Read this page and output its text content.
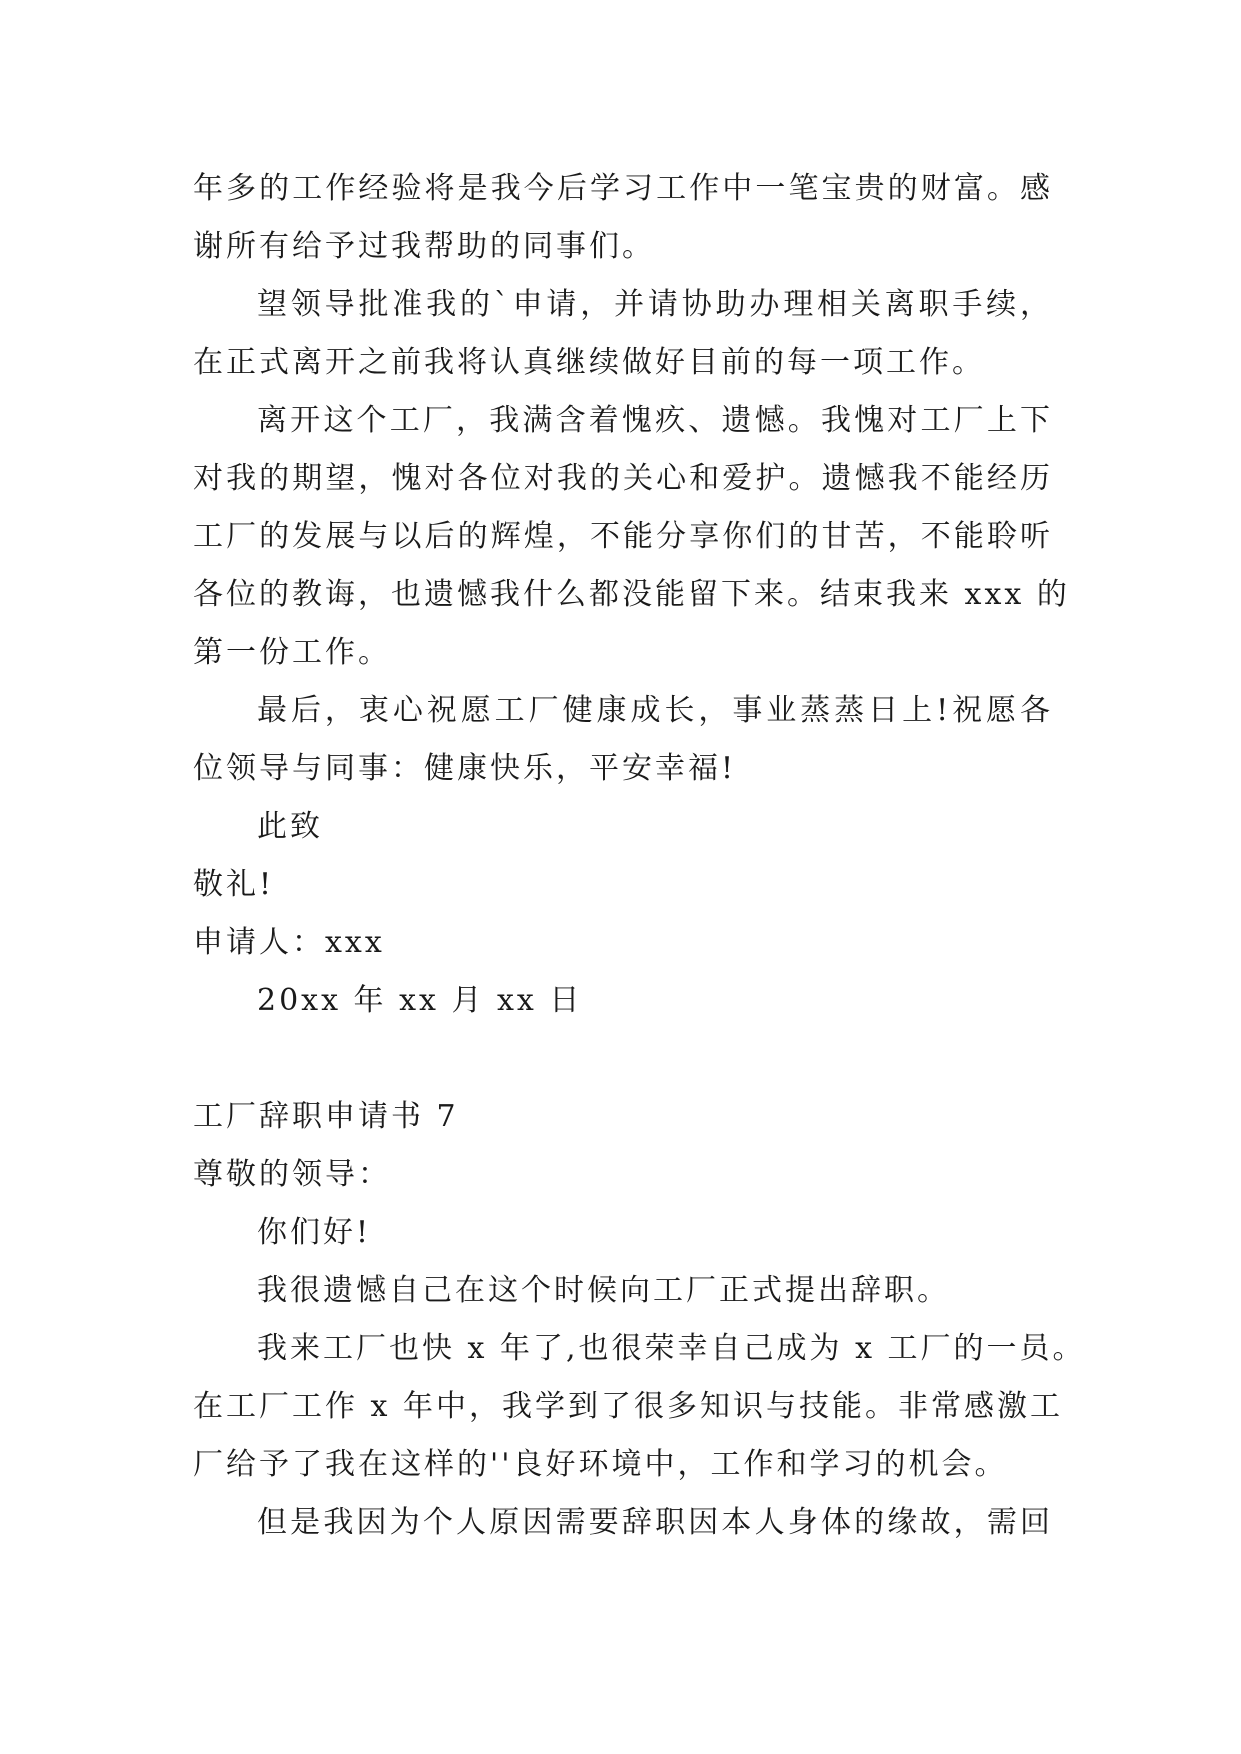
年多的工作经验将是我今后学习工作中一笔宝贵的财富。感
谢所有给予过我帮助的同事们。
望领导批准我的`申请，并请协助办理相关离职手续，
在正式离开之前我将认真继续做好目前的每一项工作。
离开这个工厂，我满含着愧疚、遗憾。我愧对工厂上下
对我的期望，愧对各位对我的关心和爱护。遗憾我不能经历
工厂的发展与以后的辉煌，不能分享你们的甘苦，不能聆听
各位的教诲，也遗憾我什么都没能留下来。结束我来 xxx 的
第一份工作。
最后，衷心祝愿工厂健康成长，事业蒸蒸日上!祝愿各
位领导与同事：健康快乐，平安幸福!
此致
敬礼!
申请人：xxx
20xx 年 xx 月 xx 日
工厂辞职申请书 7
尊敬的领导：
你们好!
我很遗憾自己在这个时候向工厂正式提出辞职。
我来工厂也快 x 年了,也很荣幸自己成为 x 工厂的一员。
在工厂工作 x 年中，我学到了很多知识与技能。非常感激工
厂给予了我在这样的''良好环境中，工作和学习的机会。
但是我因为个人原因需要辞职因本人身体的缘故，需回
